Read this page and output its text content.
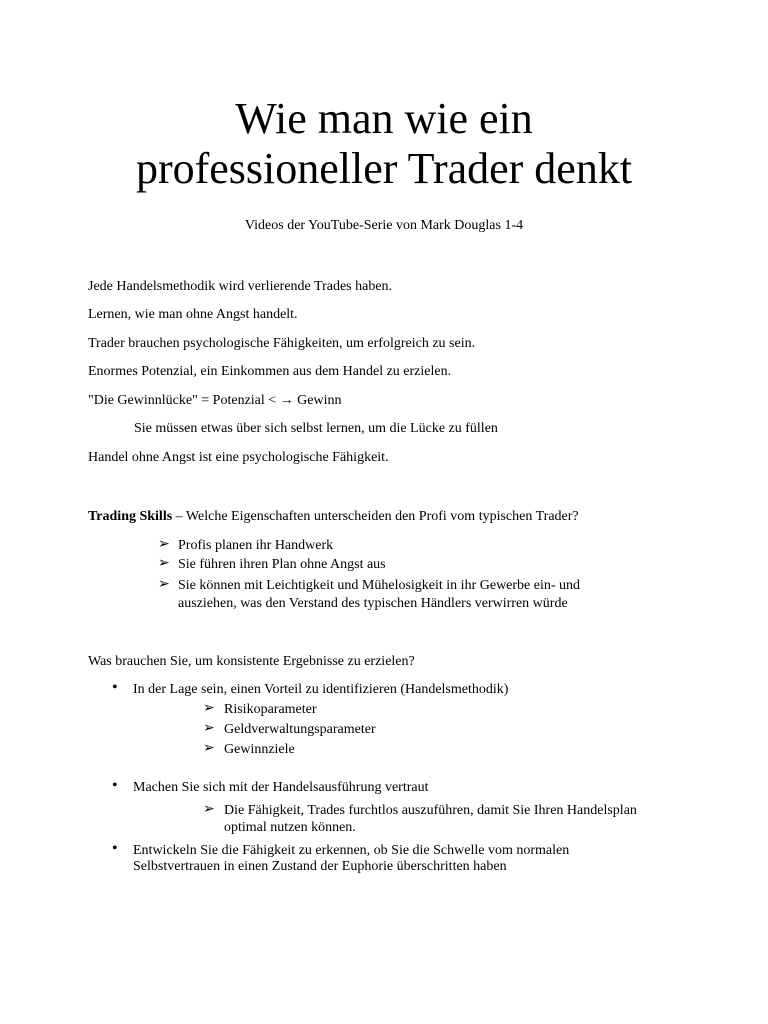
Wie man wie ein
professioneller Trader denkt

Videos der YouTube-Serie von Mark Douglas 1-4

Jede Handelsmethodik wird verlierende Trades haben.

Lernen, wie man ohne Angst handelt.

Trader brauchen psychologische Fähigkeiten, um erfolgreich zu sein.

Enormes Potenzial, ein Einkommen aus dem Handel zu erzielen.

"Die Gewinnlücke" = Potenzial < → Gewinn

Sie müssen etwas über sich selbst lernen, um die Lücke zu füllen

Handel ohne Angst ist eine psychologische Fähigkeit.

Trading Skills – Welche Eigenschaften unterscheiden den Profi vom typischen Trader?

➢ Profis planen ihr Handwerk

➢ Sie führen ihren Plan ohne Angst aus

➢ Sie können mit Leichtigkeit und Mühelosigkeit in ihr Gewerbe ein- und

ausziehen, was den Verstand des typischen Händlers verwirren würde

Was brauchen Sie, um konsistente Ergebnisse zu erzielen?

• In der Lage sein, einen Vorteil zu identifizieren (Handelsmethodik)

➢ Risikoparameter

➢ Geldverwaltungsparameter

➢ Gewinnziele

• Machen Sie sich mit der Handelsausführung vertraut

➢ Die Fähigkeit, Trades furchtlos auszuführen, damit Sie Ihren Handelsplan

optimal nutzen können.

• Entwickeln Sie die Fähigkeit zu erkennen, ob Sie die Schwelle vom normalen

Selbstvertrauen in einen Zustand der Euphorie überschritten haben
